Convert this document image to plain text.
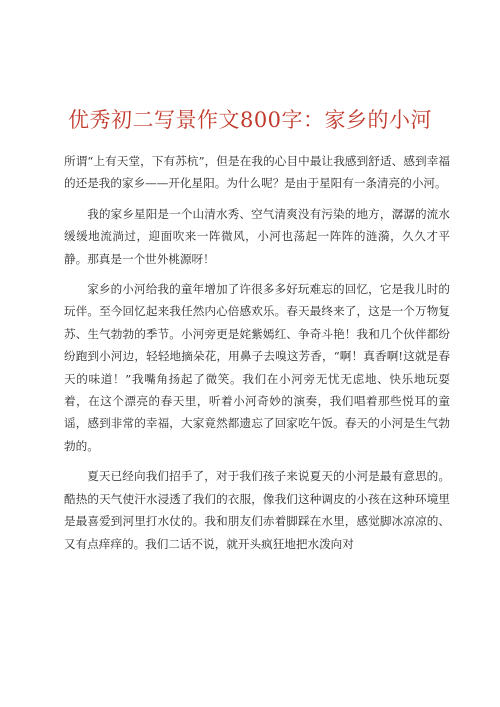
优秀初二写景作文800字：家乡的小河

所谓“上有天堂，下有苏杭”，但是在我的心目中最让我感到舒适、感到幸福的还是我的家乡——开化星阳。为什么呢？是由于星阳有一条清亮的小河。

我的家乡星阳是一个山清水秀、空气清爽没有污染的地方，潺潺的流水缓缓地流淌过，迎面吹来一阵微风，小河也荡起一阵阵的涟漪，久久才平静。那真是一个世外桃源呀！

家乡的小河给我的童年增加了许很多多好玩难忘的回忆，它是我儿时的玩伴。至今回忆起来我任然内心倍感欢乐。春天最终来了，这是一个万物复苏、生气勃勃的季节。小河旁更是姹紫嫣红、争奇斗艳！我和几个伙伴都纷纷跑到小河边，轻轻地摘朵花，用鼻子去嗅这芳香，“啊！真香啊!这就是春天的味道！”我嘴角扬起了微笑。我们在小河旁无忧无虑地、快乐地玩耍着，在这个漂亮的春天里，听着小河奇妙的演奏，我们唱着那些悦耳的童谣，感到非常的幸福，大家竟然都遗忘了回家吃午饭。春天的小河是生气勃勃的。

夏天已经向我们招手了，对于我们孩子来说夏天的小河是最有意思的。酷热的天气使汗水浸透了我们的衣服，像我们这种调皮的小孩在这种环境里是最喜爱到河里打水仗的。我和朋友们赤着脚踩在水里，感觉脚冰凉凉的、又有点痒痒的。我们二话不说，就开头疯狂地把水泼向对
